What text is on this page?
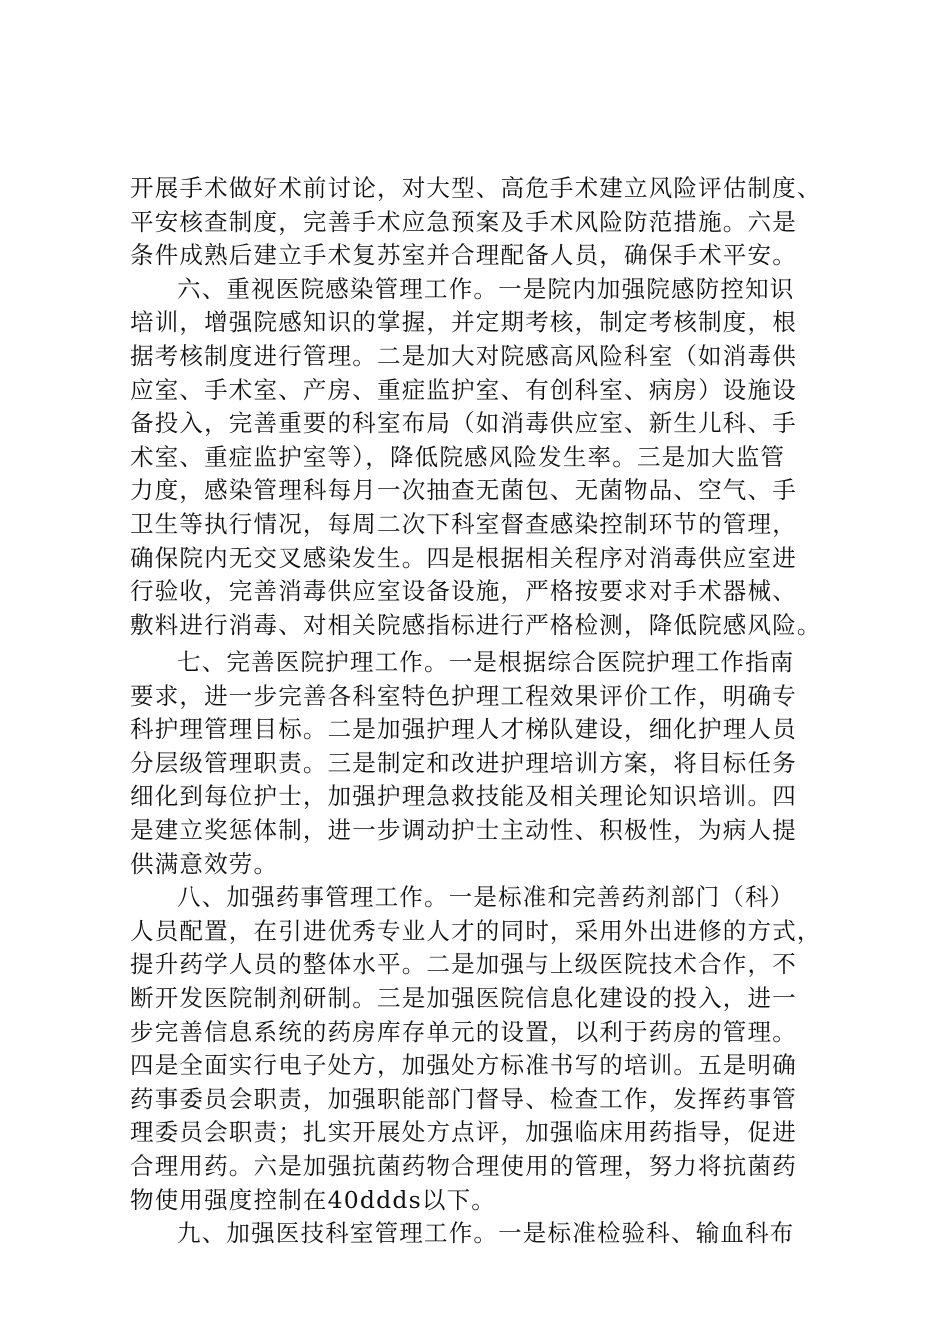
开展手术做好术前讨论，对大型、高危手术建立风险评估制度、
平安核查制度，完善手术应急预案及手术风险防范措施。六是
条件成熟后建立手术复苏室并合理配备人员，确保手术平安。
六、重视医院感染管理工作。一是院内加强院感防控知识
培训，增强院感知识的掌握，并定期考核，制定考核制度，根
据考核制度进行管理。二是加大对院感高风险科室（如消毒供
应室、手术室、产房、重症监护室、有创科室、病房）设施设
备投入，完善重要的科室布局（如消毒供应室、新生儿科、手
术室、重症监护室等），降低院感风险发生率。三是加大监管
力度，感染管理科每月一次抽查无菌包、无菌物品、空气、手
卫生等执行情况，每周二次下科室督查感染控制环节的管理，
确保院内无交叉感染发生。四是根据相关程序对消毒供应室进
行验收，完善消毒供应室设备设施，严格按要求对手术器械、
敷料进行消毒、对相关院感指标进行严格检测，降低院感风险。
七、完善医院护理工作。一是根据综合医院护理工作指南
要求，进一步完善各科室特色护理工程效果评价工作，明确专
科护理管理目标。二是加强护理人才梯队建设，细化护理人员
分层级管理职责。三是制定和改进护理培训方案，将目标任务
细化到每位护士，加强护理急救技能及相关理论知识培训。四
是建立奖惩体制，进一步调动护士主动性、积极性，为病人提
供满意效劳。
八、加强药事管理工作。一是标准和完善药剂部门（科）
人员配置，在引进优秀专业人才的同时，采用外出进修的方式，
提升药学人员的整体水平。二是加强与上级医院技术合作，不
断开发医院制剂研制。三是加强医院信息化建设的投入，进一
步完善信息系统的药房库存单元的设置，以利于药房的管理。
四是全面实行电子处方，加强处方标准书写的培训。五是明确
药事委员会职责，加强职能部门督导、检查工作，发挥药事管
理委员会职责；扎实开展处方点评，加强临床用药指导，促进
合理用药。六是加强抗菌药物合理使用的管理，努力将抗菌药
物使用强度控制在40ddds以下。
九、加强医技科室管理工作。一是标准检验科、输血科布
